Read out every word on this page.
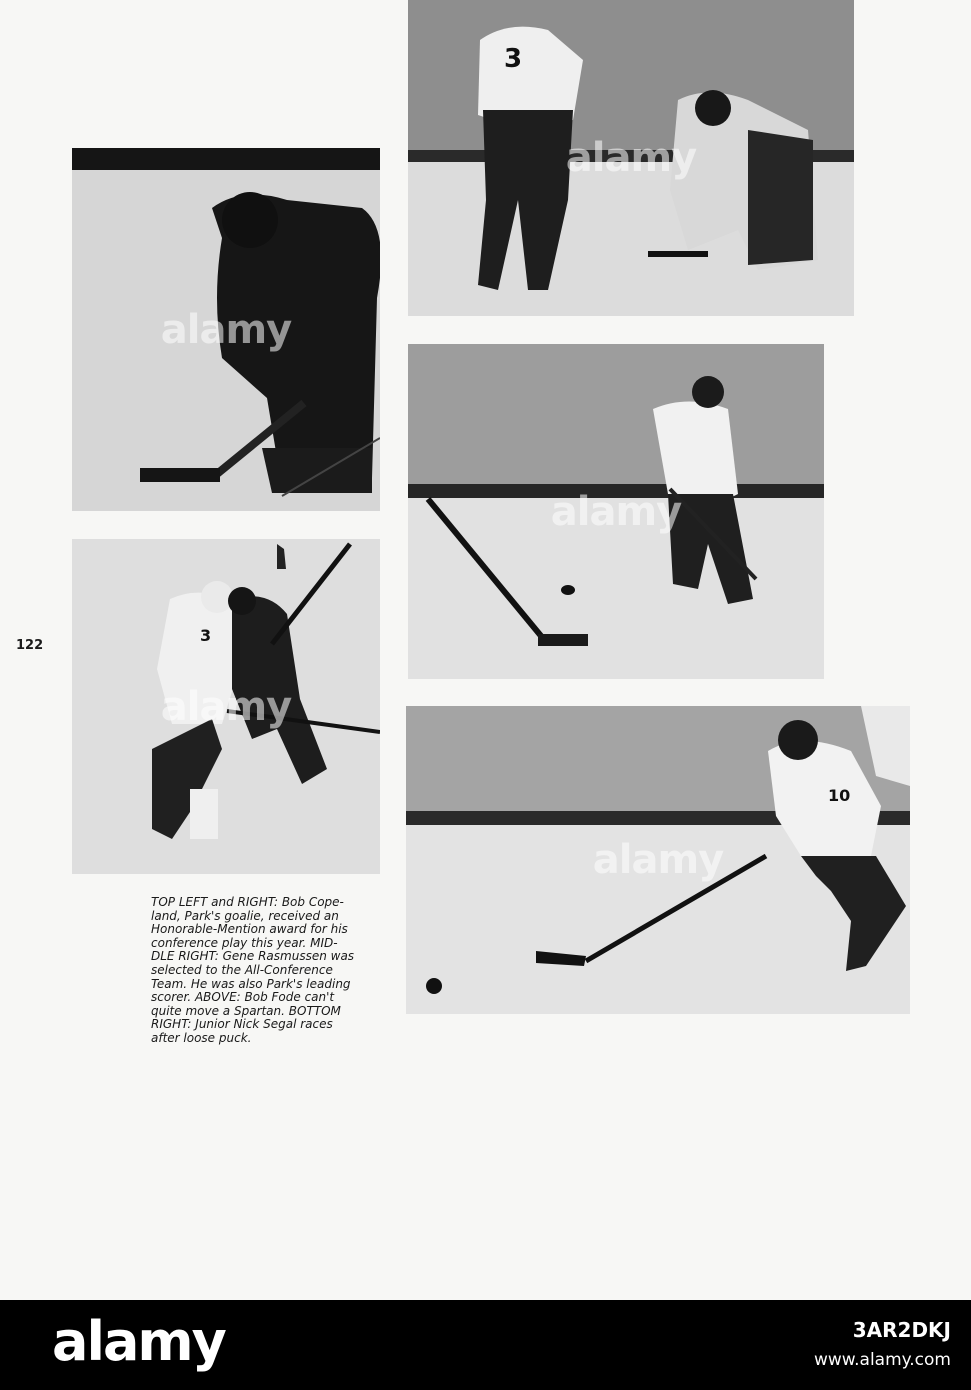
alamy
3
alamy
3
alamy
alamy
10
alamy
122
TOP LEFT and RIGHT: Bob Cope-
land, Park's goalie, received an
Honorable-Mention award for his
conference play this year. MID-
DLE RIGHT: Gene Rasmussen was
selected to the All-Conference
Team. He was also Park's leading
scorer. ABOVE: Bob Fode can't
quite move a Spartan. BOTTOM
RIGHT: Junior Nick Segal races
after loose puck.
alamy	3AR2DKJ
www.alamy.com
